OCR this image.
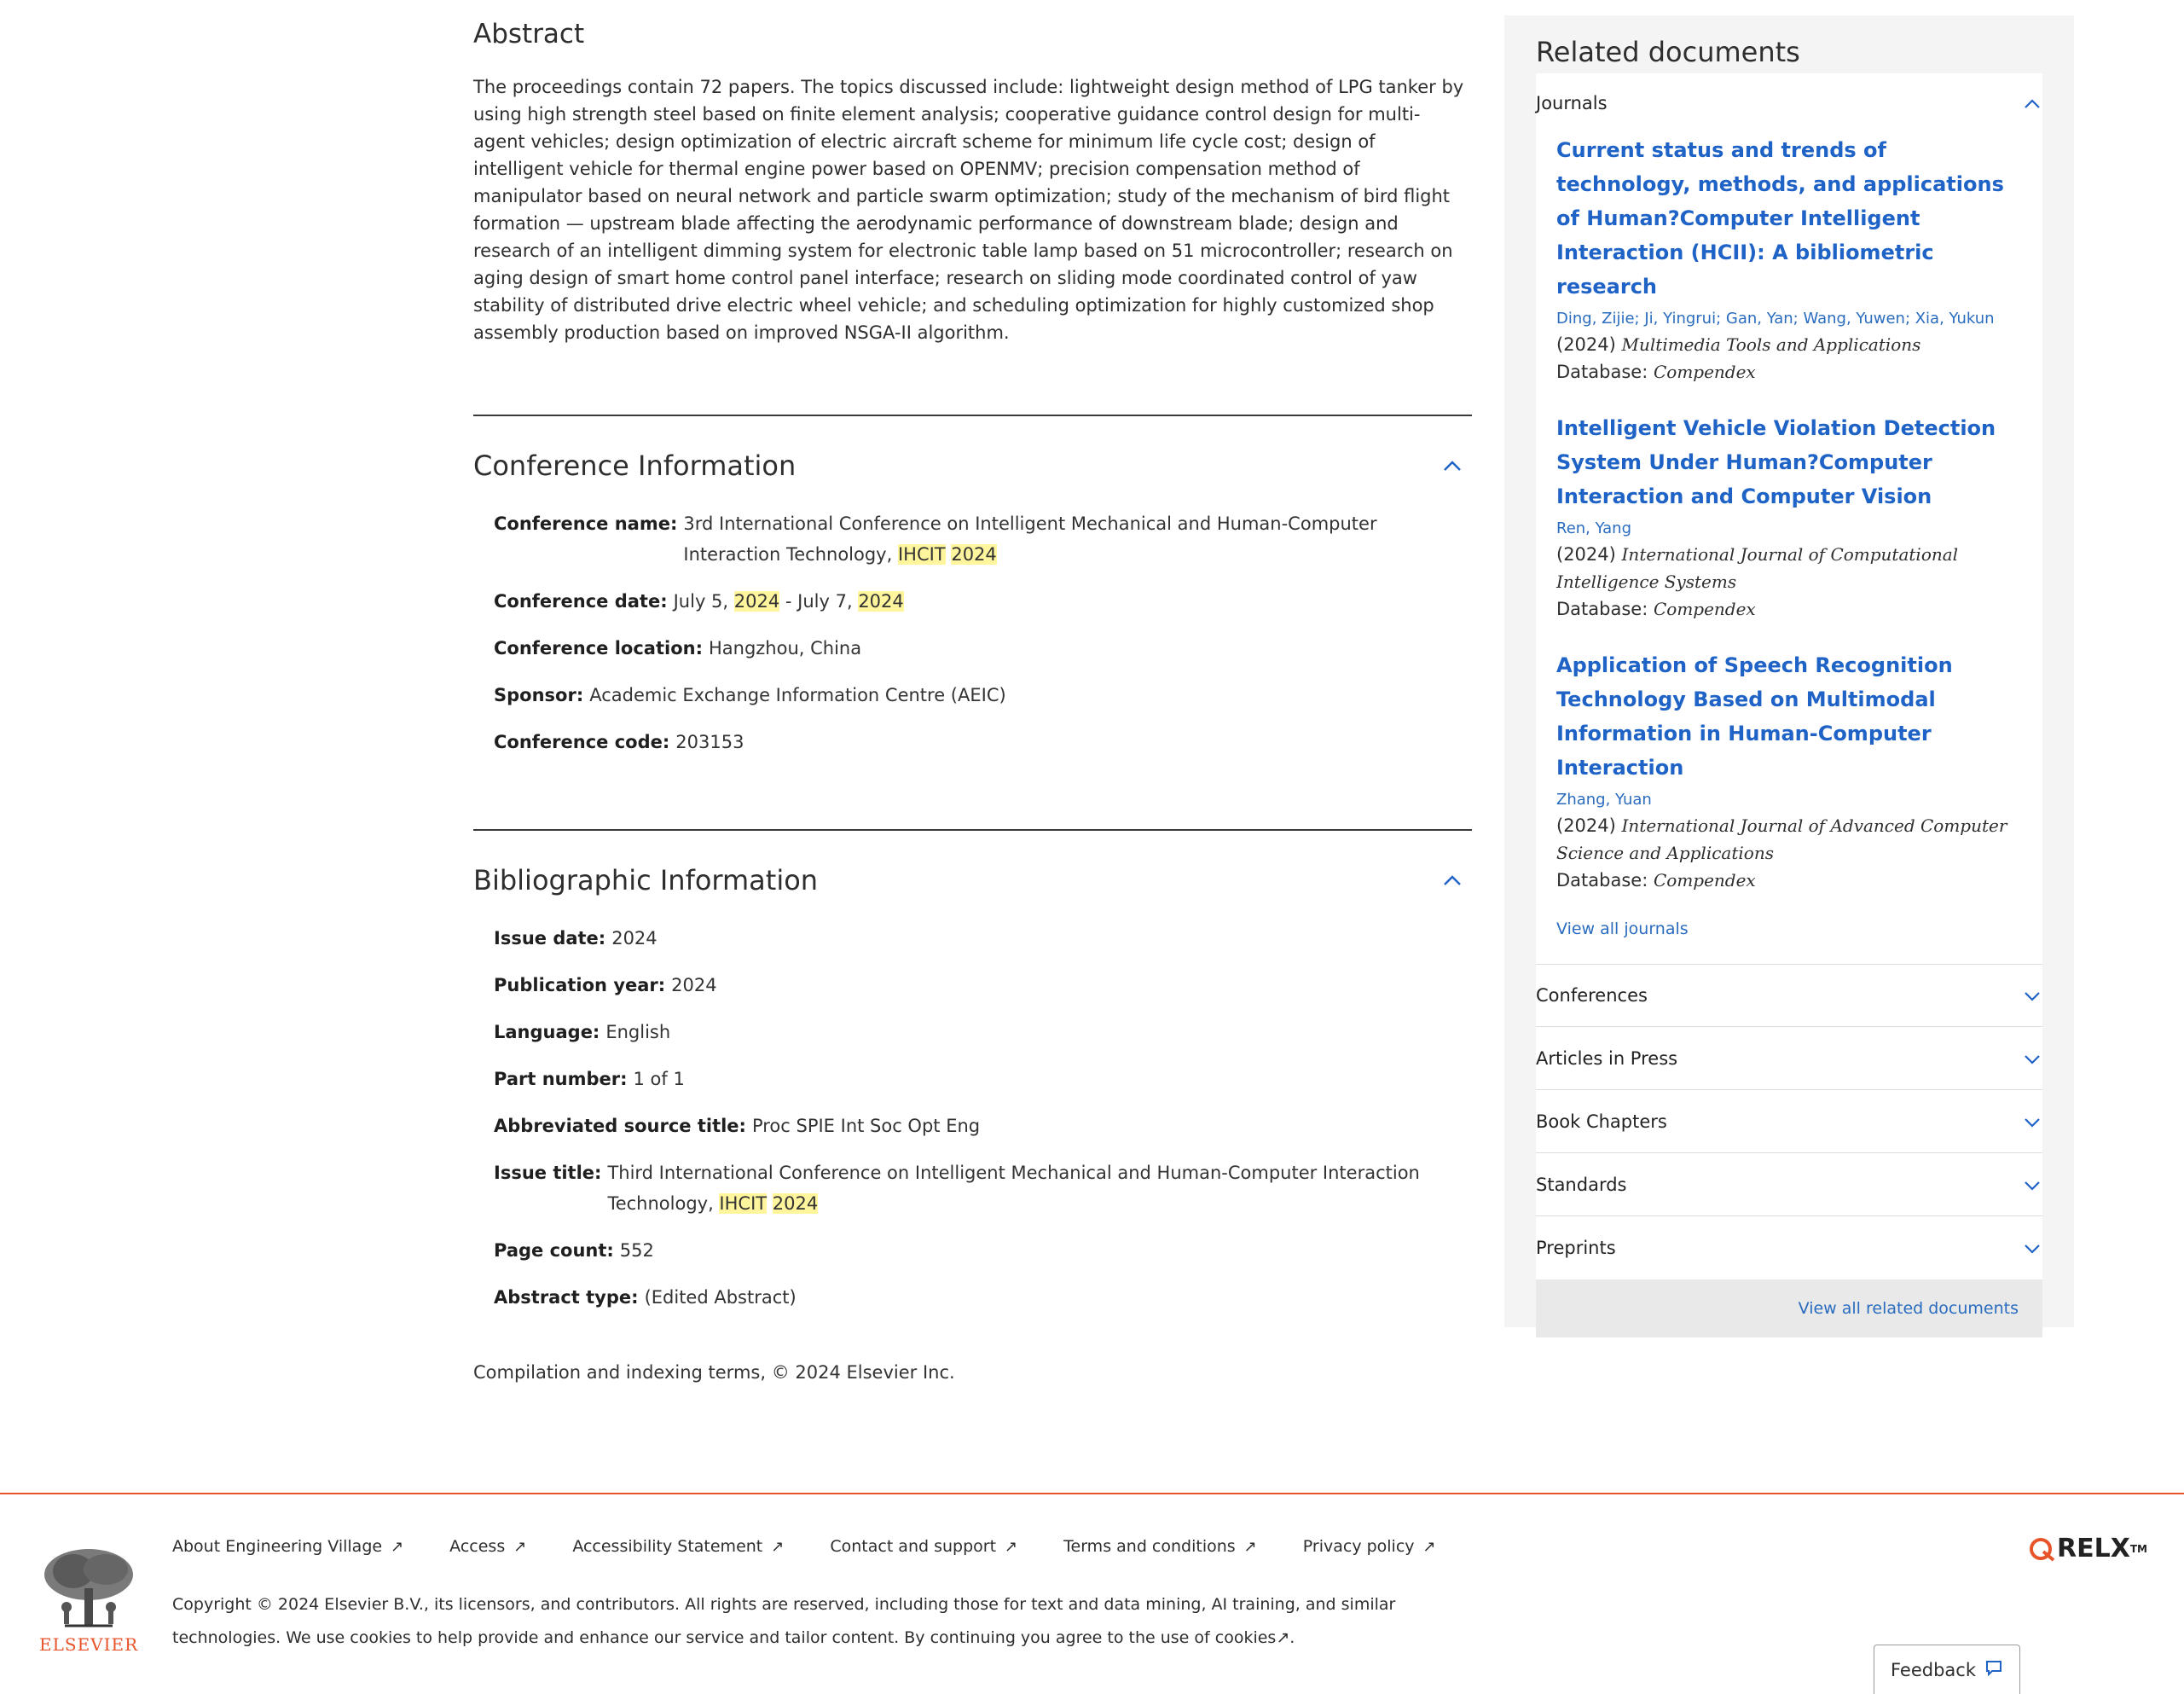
Abstract

The proceedings contain 72 papers. The topics discussed include: lightweight design method of LPG tanker by using high strength steel based on finite element analysis; cooperative guidance control design for multi-agent vehicles; design optimization of electric aircraft scheme for minimum life cycle cost; design of intelligent vehicle for thermal engine power based on OPENMV; precision compensation method of manipulator based on neural network and particle swarm optimization; study of the mechanism of bird flight formation — upstream blade affecting the aerodynamic performance of downstream blade; design and research of an intelligent dimming system for electronic table lamp based on 51 microcontroller; research on aging design of smart home control panel interface; research on sliding mode coordinated control of yaw stability of distributed drive electric wheel vehicle; and scheduling optimization for highly customized shop assembly production based on improved NSGA-II algorithm.

Conference Information
Conference name: 3rd International Conference on Intelligent Mechanical and Human-Computer Interaction Technology, IHCIT 2024
Conference date: July 5, 2024 - July 7, 2024
Conference location: Hangzhou, China
Sponsor: Academic Exchange Information Centre (AEIC)
Conference code: 203153
Bibliographic Information
Issue date: 2024
Publication year: 2024
Language: English
Part number: 1 of 1
Abbreviated source title: Proc SPIE Int Soc Opt Eng
Issue title: Third International Conference on Intelligent Mechanical and Human-Computer Interaction Technology, IHCIT 2024
Page count: 552
Abstract type: (Edited Abstract)

Compilation and indexing terms, © 2024 Elsevier Inc.

Related documents
Journals
Current status and trends of technology, methods, and applications of Human?Computer Intelligent Interaction (HCII): A bibliometric research
Ding, Zijie; Ji, Yingrui; Gan, Yan; Wang, Yuwen; Xia, Yukun
(2024) Multimedia Tools and Applications
Database: Compendex
Intelligent Vehicle Violation Detection System Under Human?Computer Interaction and Computer Vision
Ren, Yang
(2024) International Journal of Computational Intelligence Systems
Database: Compendex
Application of Speech Recognition Technology Based on Multimodal Information in Human-Computer Interaction
Zhang, Yuan
(2024) International Journal of Advanced Computer Science and Applications
Database: Compendex
View all journals
Conferences
Articles in Press
Book Chapters
Standards
Preprints
View all related documents
ELSEVIER
About Engineering Village ↗	Access ↗	Accessibility Statement ↗	Contact and support ↗	Terms and conditions ↗	Privacy policy ↗

Copyright © 2024 Elsevier B.V., its licensors, and contributors. All rights are reserved, including those for text and data mining, AI training, and similar technologies. We use cookies to help provide and enhance our service and tailor content. By continuing you agree to the use of cookies↗.

RELX TM
Feedback
